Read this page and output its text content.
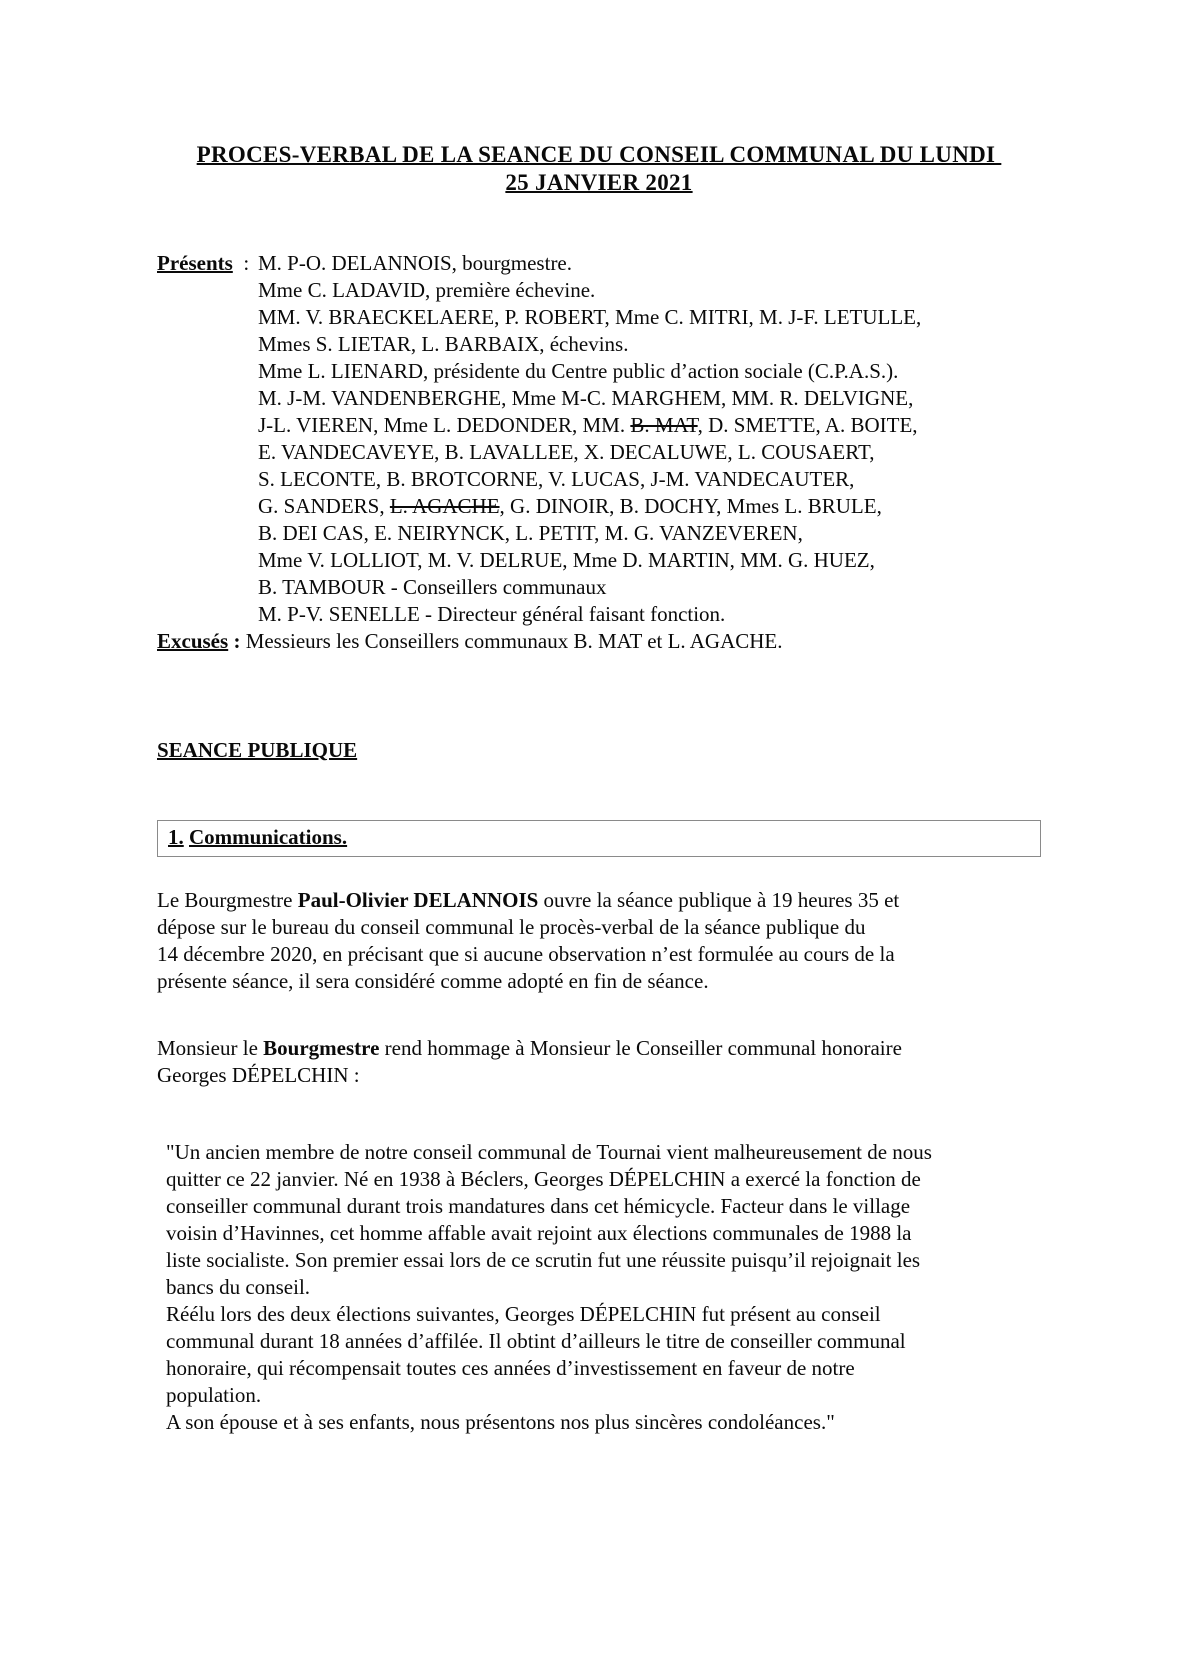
PROCES-VERBAL DE LA SEANCE DU CONSEIL COMMUNAL DU LUNDI
25 JANVIER 2021
Présents  : M. P-O. DELANNOIS, bourgmestre.
Mme C. LADAVID, première échevine.
MM. V. BRAECKELAERE, P. ROBERT, Mme C. MITRI, M. J-F. LETULLE,
Mmes S. LIETAR, L. BARBAIX, échevins.
Mme L. LIENARD, présidente du Centre public d’action sociale (C.P.A.S.).
M. J-M. VANDENBERGHE, Mme M-C. MARGHEM, MM. R. DELVIGNE,
J-L. VIEREN, Mme L. DEDONDER, MM. B. MAT, D. SMETTE, A. BOITE,
E. VANDECAVEYE, B. LAVALLEE, X. DECALUWE, L. COUSAERT,
S. LECONTE, B. BROTCORNE, V. LUCAS, J-M. VANDECAUTER,
G. SANDERS, L. AGACHE, G. DINOIR, B. DOCHY, Mmes L. BRULE,
B. DEI CAS, E. NEIRYNCK, L. PETIT, M. G. VANZEVEREN,
Mme V. LOLLIOT, M. V. DELRUE, Mme D. MARTIN, MM. G. HUEZ,
B. TAMBOUR - Conseillers communaux
M. P-V. SENELLE - Directeur général faisant fonction.
Excusés : Messieurs les Conseillers communaux B. MAT et L. AGACHE.
SEANCE PUBLIQUE
1. Communications.
Le Bourgmestre Paul-Olivier DELANNOIS ouvre la séance publique à 19 heures 35 et
dépose sur le bureau du conseil communal le procès-verbal de la séance publique du
14 décembre 2020, en précisant que si aucune observation n’est formulée au cours de la
présente séance, il sera considéré comme adopté en fin de séance.
Monsieur le Bourgmestre rend hommage à Monsieur le Conseiller communal honoraire
Georges DÉPELCHIN :
"Un ancien membre de notre conseil communal de Tournai vient malheureusement de nous
quitter ce 22 janvier. Né en 1938 à Béclers, Georges DÉPELCHIN a exercé la fonction de
conseiller communal durant trois mandatures dans cet hémicycle. Facteur dans le village
voisin d’Havinnes, cet homme affable avait rejoint aux élections communales de 1988 la
liste socialiste. Son premier essai lors de ce scrutin fut une réussite puisqu’il rejoignait les
bancs du conseil.
Réélu lors des deux élections suivantes, Georges DÉPELCHIN fut présent au conseil
communal durant 18 années d’affilée. Il obtint d’ailleurs le titre de conseiller communal
honoraire, qui récompensait toutes ces années d’investissement en faveur de notre
population.
A son épouse et à ses enfants, nous présentons nos plus sincères condoléances."
